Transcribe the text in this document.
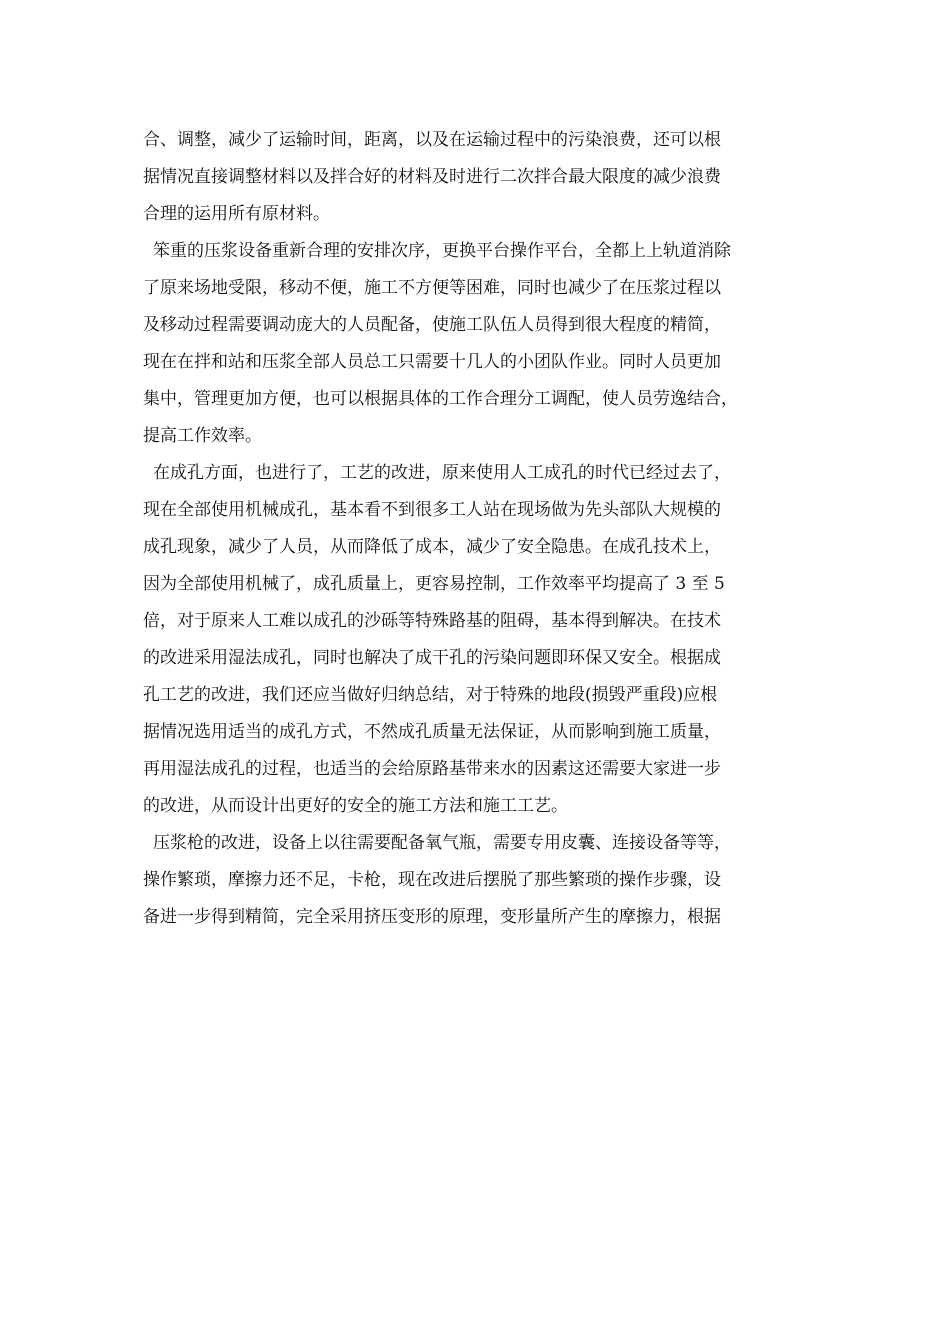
合、调整，减少了运输时间，距离，以及在运输过程中的污染浪费，还可以根
据情况直接调整材料以及拌合好的材料及时进行二次拌合最大限度的减少浪费
合理的运用所有原材料。
笨重的压浆设备重新合理的安排次序，更换平台操作平台，全都上上轨道消除
了原来场地受限，移动不便，施工不方便等困难，同时也减少了在压浆过程以
及移动过程需要调动庞大的人员配备，使施工队伍人员得到很大程度的精简，
现在在拌和站和压浆全部人员总工只需要十几人的小团队作业。同时人员更加
集中，管理更加方便，也可以根据具体的工作合理分工调配，使人员劳逸结合，
提高工作效率。
在成孔方面，也进行了，工艺的改进，原来使用人工成孔的时代已经过去了，
现在全部使用机械成孔，基本看不到很多工人站在现场做为先头部队大规模的
成孔现象，减少了人员，从而降低了成本，减少了安全隐患。在成孔技术上，
因为全部使用机械了，成孔质量上，更容易控制，工作效率平均提高了 3 至 5
倍，对于原来人工难以成孔的沙砾等特殊路基的阻碍，基本得到解决。在技术
的改进采用湿法成孔，同时也解决了成干孔的污染问题即环保又安全。根据成
孔工艺的改进，我们还应当做好归纳总结，对于特殊的地段(损毁严重段)应根
据情况选用适当的成孔方式，不然成孔质量无法保证，从而影响到施工质量，
再用湿法成孔的过程，也适当的会给原路基带来水的因素这还需要大家进一步
的改进，从而设计出更好的安全的施工方法和施工工艺。
压浆枪的改进，设备上以往需要配备氧气瓶，需要专用皮囊、连接设备等等，
操作繁琐，摩擦力还不足，卡枪，现在改进后摆脱了那些繁琐的操作步骤，设
备进一步得到精简，完全采用挤压变形的原理，变形量所产生的摩擦力，根据
